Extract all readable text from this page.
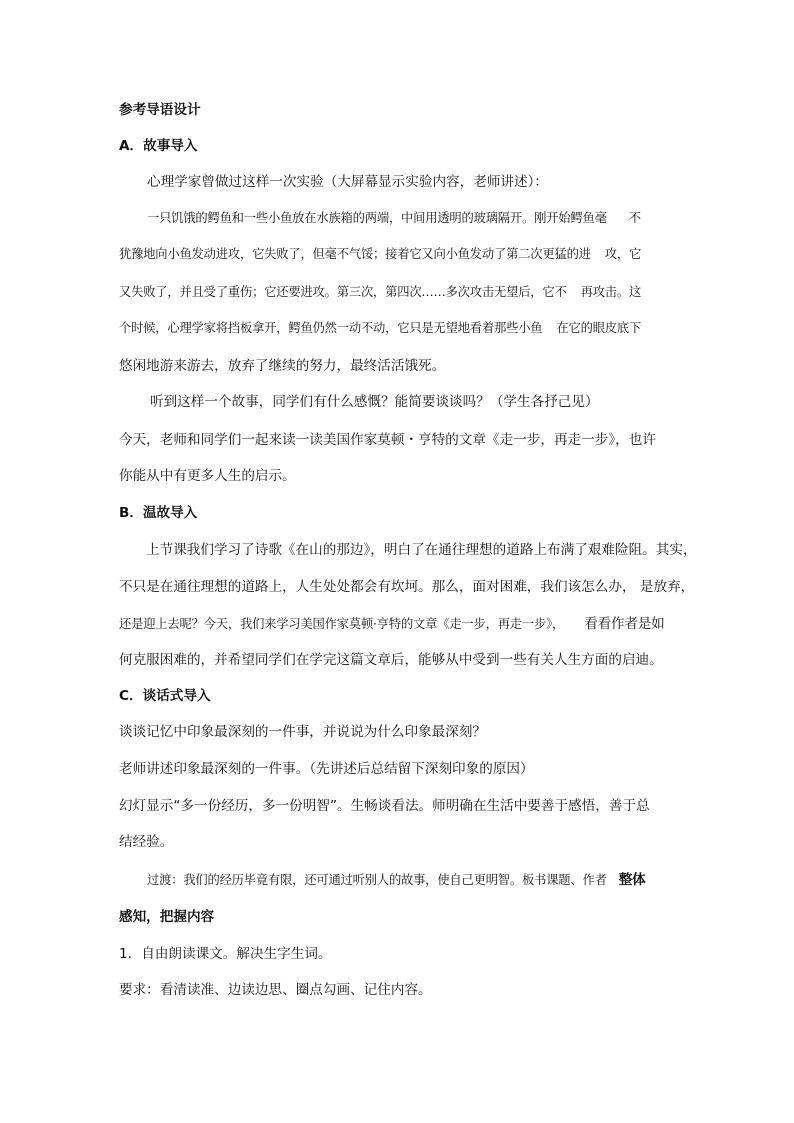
参考导语设计

A．故事导入

心理学家曾做过这样一次实验（大屏幕显示实验内容，老师讲述）：

一只饥饿的鳄鱼和一些小鱼放在水族箱的两端，中间用透明的玻璃隔开。刚开始鳄鱼毫 不

犹豫地向小鱼发动进攻，它失败了，但毫不气馁；接着它又向小鱼发动了第二次更猛的进 攻，它

又失败了，并且受了重伤；它还要进攻。第三次，第四次……多次攻击无望后，它不 再攻击。这

个时候，心理学家将挡板拿开，鳄鱼仍然一动不动，它只是无望地看着那些小鱼 在它的眼皮底下

悠闲地游来游去，放弃了继续的努力，最终活活饿死。

听到这样一个故事，同学们有什么感慨？能简要谈谈吗？（学生各抒己见）

今天，老师和同学们一起来读一读美国作家莫顿・亨特的文章《走一步，再走一步》，也许

你能从中有更多人生的启示。

B．温故导入

上节课我们学习了诗歌《在山的那边》，明白了在通往理想的道路上布满了艰难险阻。其实，

不只是在通往理想的道路上，人生处处都会有坎坷。那么，面对困难，我们该怎么办， 是放弃，

还是迎上去呢？今天，我们来学习美国作家莫顿·亨特的文章《走一步，再走一步》， 看看作者是如

何克服困难的，并希望同学们在学完这篇文章后，能够从中受到一些有关人生方面的启迪。

C．谈话式导入

谈谈记忆中印象最深刻的一件事，并说说为什么印象最深刻？

老师讲述印象最深刻的一件事。（先讲述后总结留下深刻印象的原因）

幻灯显示“多一份经历，多一份明智”。生畅谈看法。师明确在生活中要善于感悟，善于总

结经验。

过渡：我们的经历毕竟有限，还可通过听别人的故事，使自己更明智。板书课题、作者 整体

感知，把握内容

1．自由朗读课文。解决生字生词。

要求：看清读准、边读边思、圈点勾画、记住内容。
